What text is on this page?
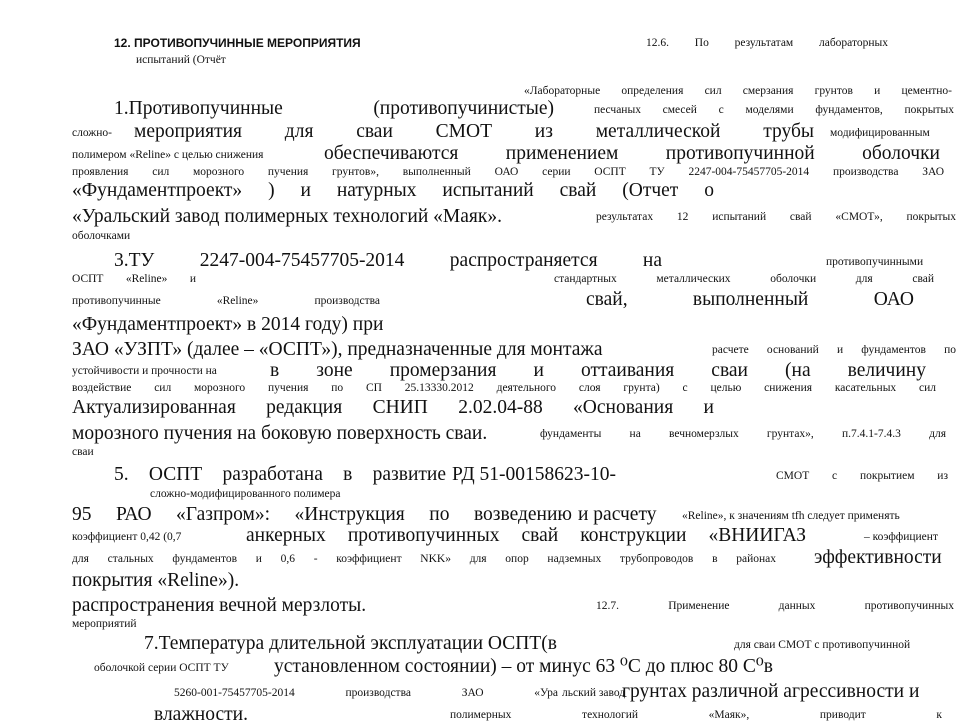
12. ПРОТИВОПУЧИННЫЕ МЕРОПРИЯТИЯ	12.6. По результатам лабораторных
испытаний (Отчёт
«Лабораторные определения сил смерзания грунтов и цементно-
1.Противопучинные (противопучинистые)	песчаных смесей с моделями фундаментов, покрытых
сложно- мероприятия для сваи СМОТ из металлической трубы модифицированным
полимером «Reline» с целью снижения	обеспечиваются применением противопучинной оболочки
проявления сил морозного пучения грунтов», выполненный ОАО серии ОСПТ ТУ 2247-004-75457705-2014 производства ЗАО
«Фундаментпроект» ) и натурных испытаний свай (Отчет о
«Уральский завод полимерных технологий «Маяк».	результатах 12 испытаний свай «СМОТ», покрытых
оболочками
3.ТУ 2247-004-75457705-2014 распространяется на	противопучинными
ОСПТ «Reline» и	стандартных металлических оболочки для свай
противопучинные «Reline» производства	свай, выполненный ОАО
«Фундаментпроект» в 2014 году) при
ЗАО «УЗПТ» (далее – «ОСПТ»), предназначенные для монтажа	расчете оснований и фундаментов по
устойчивости и прочности на	в зоне промерзания и оттаивания сваи (на величину
воздействие сил морозного пучения по СП 25.13330.2012 деятельного слоя грунта) с целью снижения касательных сил
Актуализированная редакция СНИП 2.02.04-88 «Основания и
морозного пучения на боковую поверхность сваи.	фундаменты на вечномерзлых грунтах», п.7.4.1-7.4.3 для
сваи
5. ОСПТ разработана в развитие РД 51-00158623-10-	СМОТ с покрытием из
сложно-модифицированного полимера
95 РАО «Газпром»: «Инструкция по возведению и расчету «Reline», к значениям tfh следует применять
коэффициент 0,42 (0,7	анкерных противопучинных свай конструкции «ВНИИГАЗ	– коэффициент
для стальных фундаментов и 0,6 - коэффициент NKK» для опор надземных трубопроводов в районах эффективности
покрытия «Reline»).
распространения вечной мерзлоты.	12.7. Применение данных противопучинных
мероприятий
7.Температура длительной эксплуатации ОСПТ(в	для сваи СМОТ с противопучинной
оболочкой серии ОСПТ ТУ установленном состоянии) – от минус 63 ⁰С до плюс 80 С⁰в
5260-001-75457705-2014 производства ЗАО «Ура льский завод
грунтах различной агрессивности и
влажности.	полимерных технологий «Маяк», приводит к
